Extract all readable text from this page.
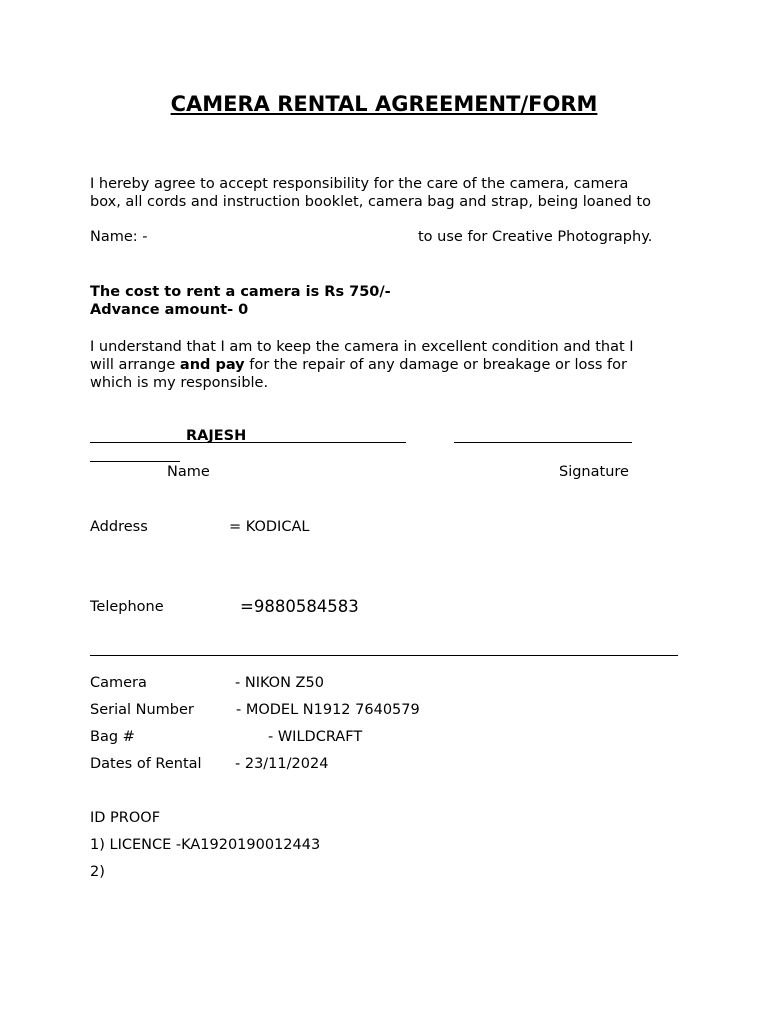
CAMERA RENTAL AGREEMENT/FORM
I hereby agree to accept responsibility for the care of the camera, camera
box, all cords and instruction booklet, camera bag and strap, being loaned to
Name: -	to use for Creative Photography.
The cost to rent a camera is Rs 750/-
Advance amount- 0
I understand that I am to keep the camera in excellent condition and that I
will arrange and pay for the repair of any damage or breakage or loss for
which is my responsible.
RAJESH
Name	Signature
Address	= KODICAL
Telephone	=9880584583
Camera	- NIKON Z50
Serial Number	- MODEL N1912 7640579
Bag #	- WILDCRAFT
Dates of Rental - 23/11/2024
ID PROOF
1) LICENCE -KA1920190012443
2)
